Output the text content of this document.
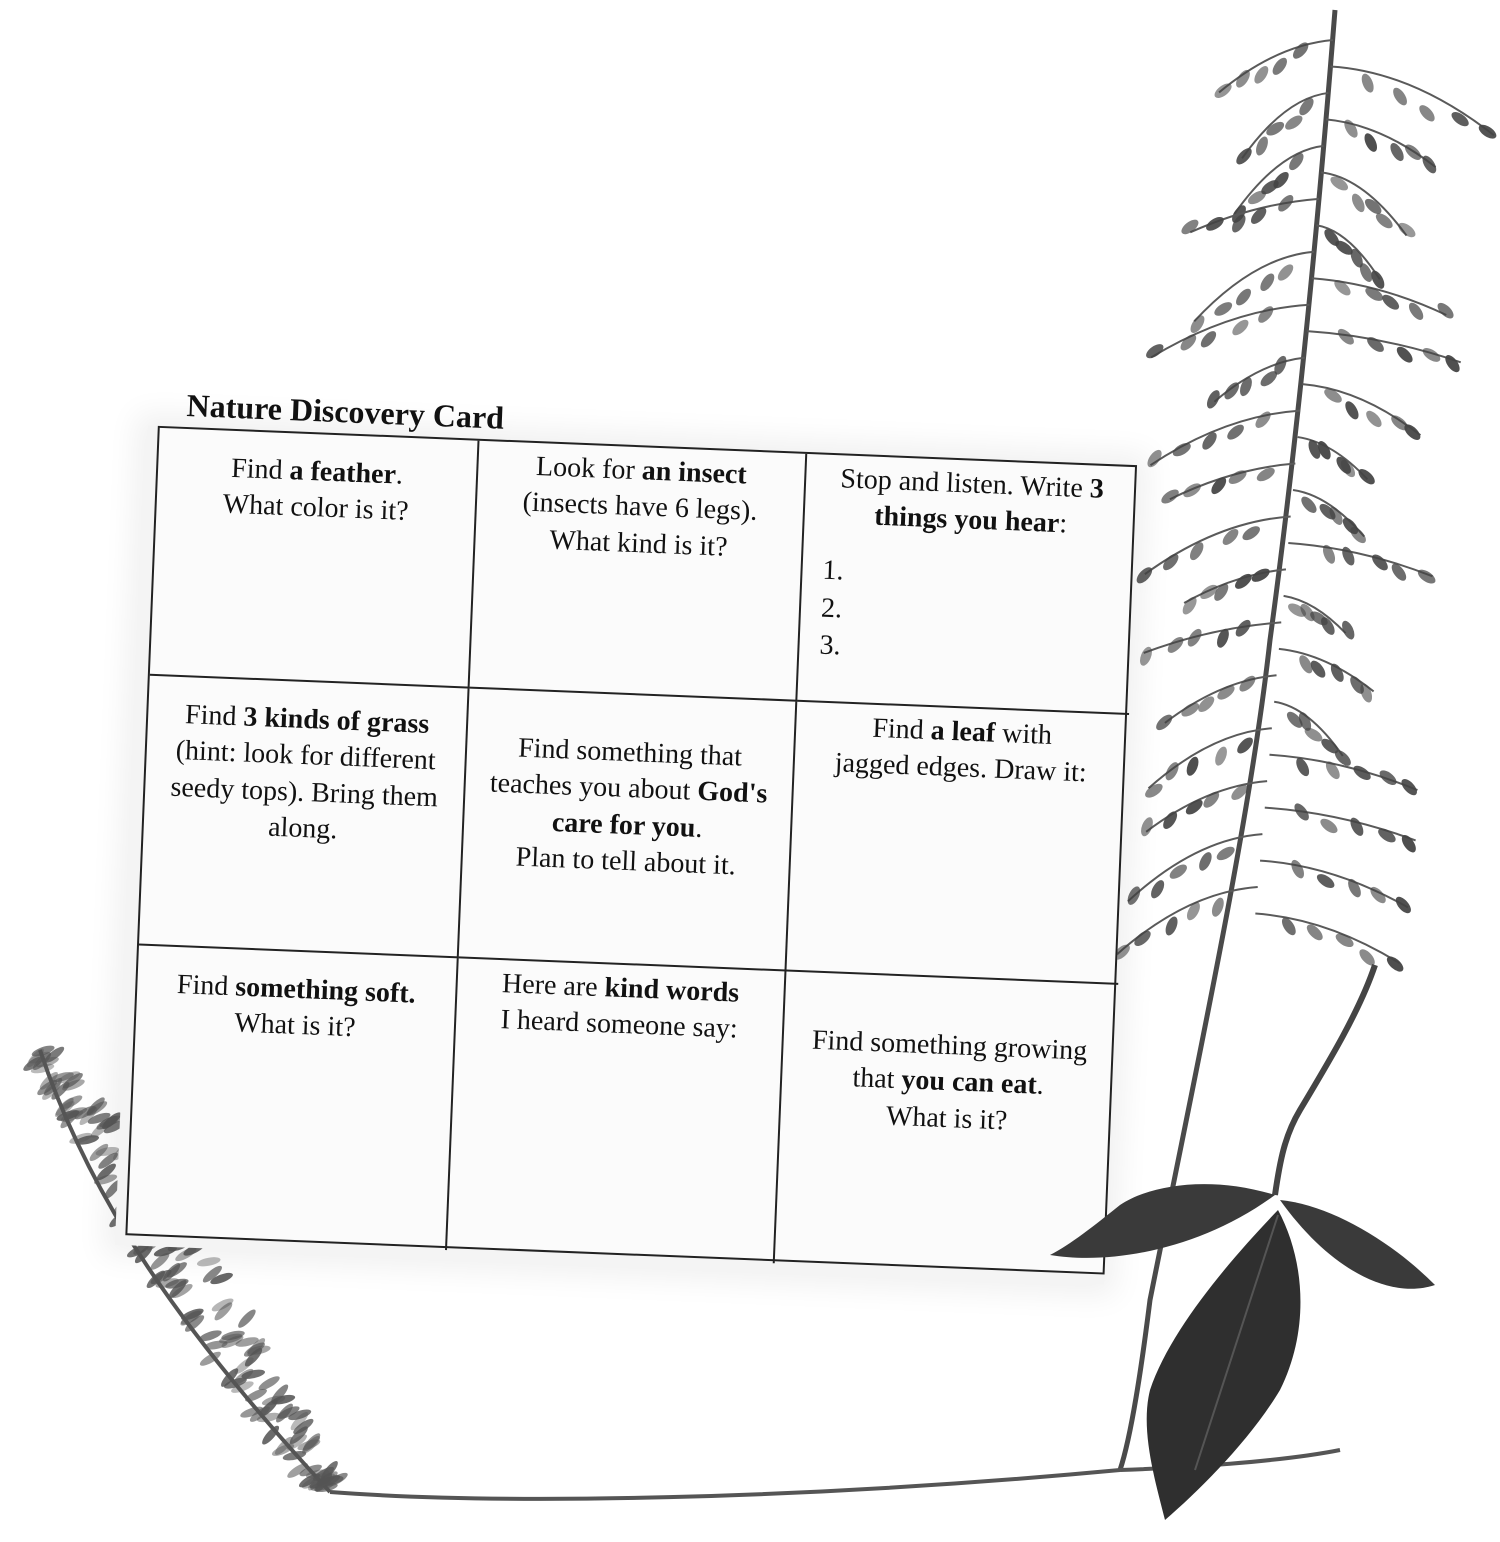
Nature Discovery Card
Find a feather.
What color is it?
Look for an insect
(insects have 6 legs). What kind is it?
Stop and listen. Write 3 things you hear:
1.
2.
3.
Find 3 kinds of grass
(hint: look for different seedy tops). Bring them along.
Find something that teaches you about God's care for you.
Plan to tell about it.
Find a leaf with
jagged edges. Draw it:
Find something soft.
What is it?
Here are kind words
I heard someone say:	Find something growing that you can eat.
What is it?
